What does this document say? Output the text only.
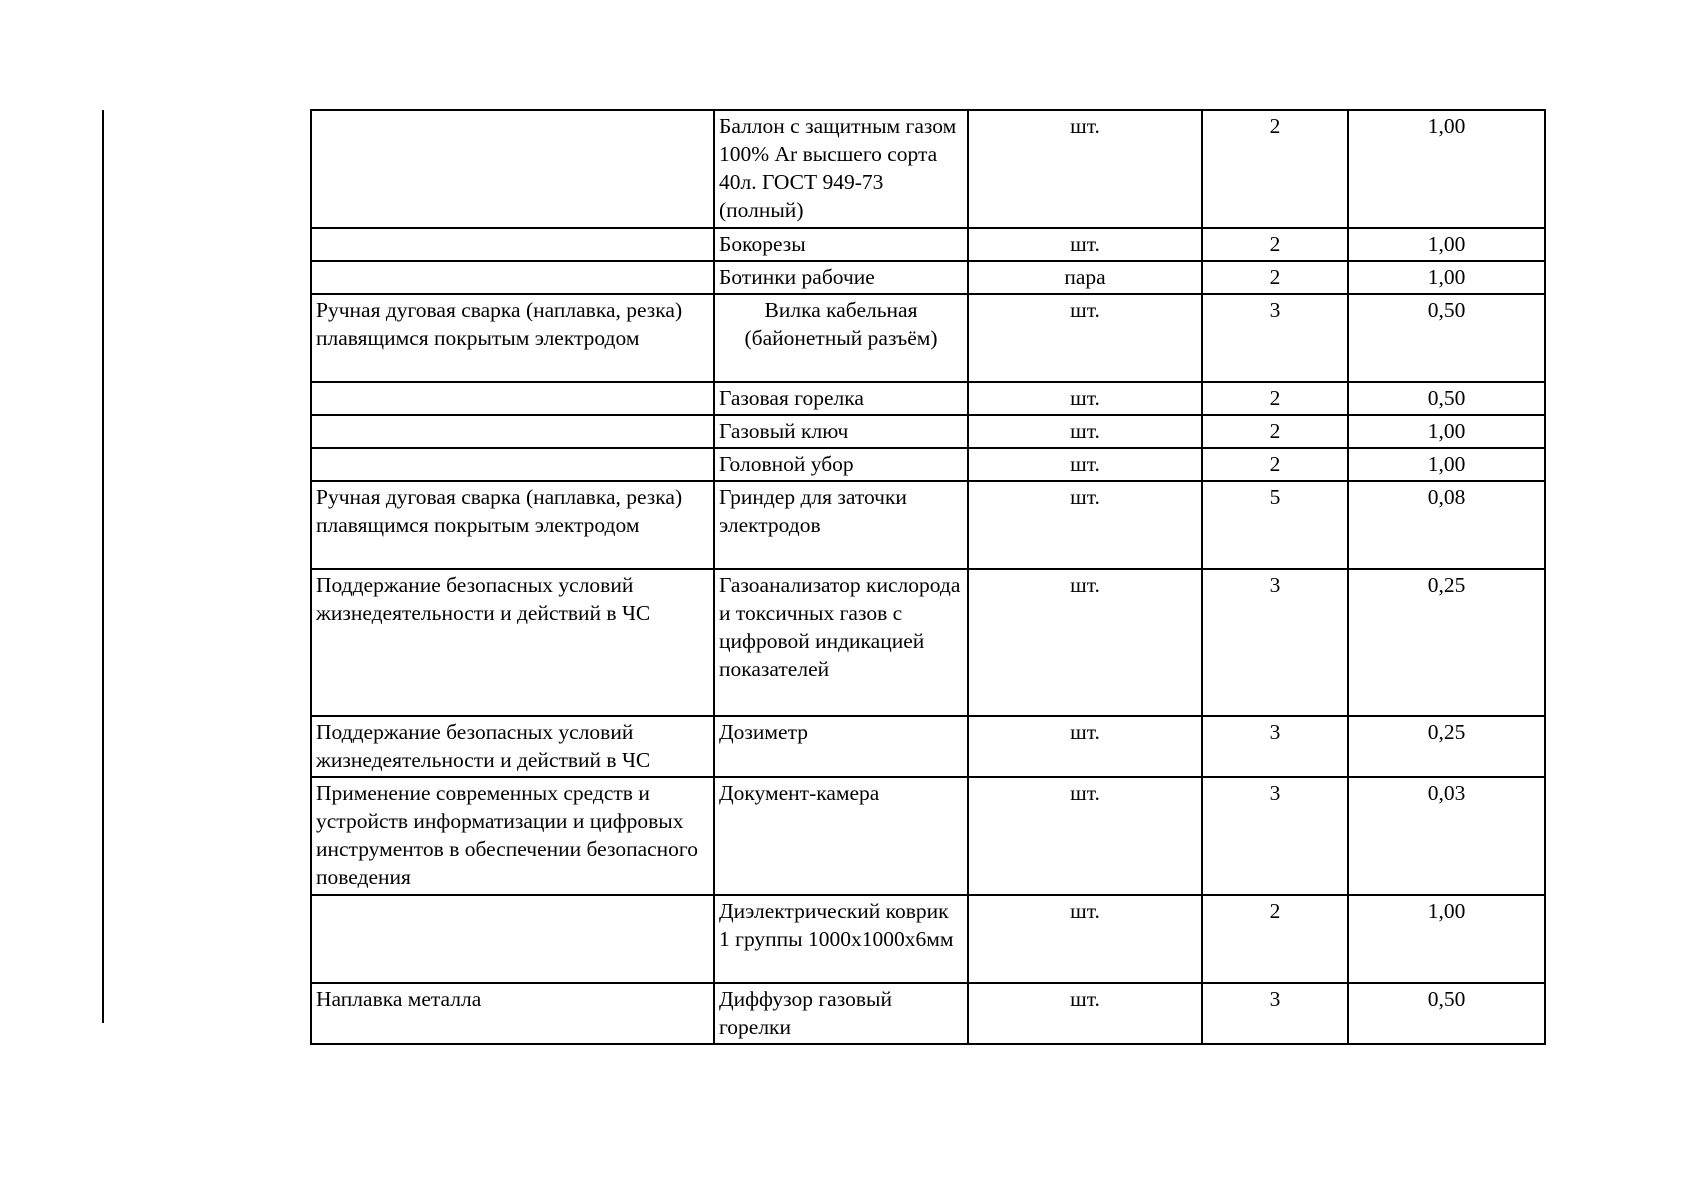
	Баллон с защитным газом 100% Ar высшего сорта 40л. ГОСТ 949-73 (полный)	шт.	2	1,00
	Бокорезы	шт.	2	1,00
	Ботинки рабочие	пара	2	1,00
Ручная дуговая сварка (наплавка, резка) плавящимся покрытым электродом	Вилка кабельная (байонетный разъём)	шт.	3	0,50
	Газовая горелка	шт.	2	0,50
	Газовый ключ	шт.	2	1,00
	Головной убор	шт.	2	1,00
Ручная дуговая сварка (наплавка, резка) плавящимся покрытым электродом	Гриндер для заточки электродов	шт.	5	0,08
Поддержание безопасных условий жизнедеятельности и действий в ЧС	Газоанализатор кислорода и токсичных газов с цифровой индикацией показателей	шт.	3	0,25
Поддержание безопасных условий жизнедеятельности и действий в ЧС	Дозиметр	шт.	3	0,25
Применение современных средств и устройств информатизации и цифровых инструментов в обеспечении безопасного поведения	Документ-камера	шт.	3	0,03
	Диэлектрический коврик 1 группы 1000х1000х6мм	шт.	2	1,00
Наплавка металла	Диффузор газовый горелки	шт.	3	0,50
